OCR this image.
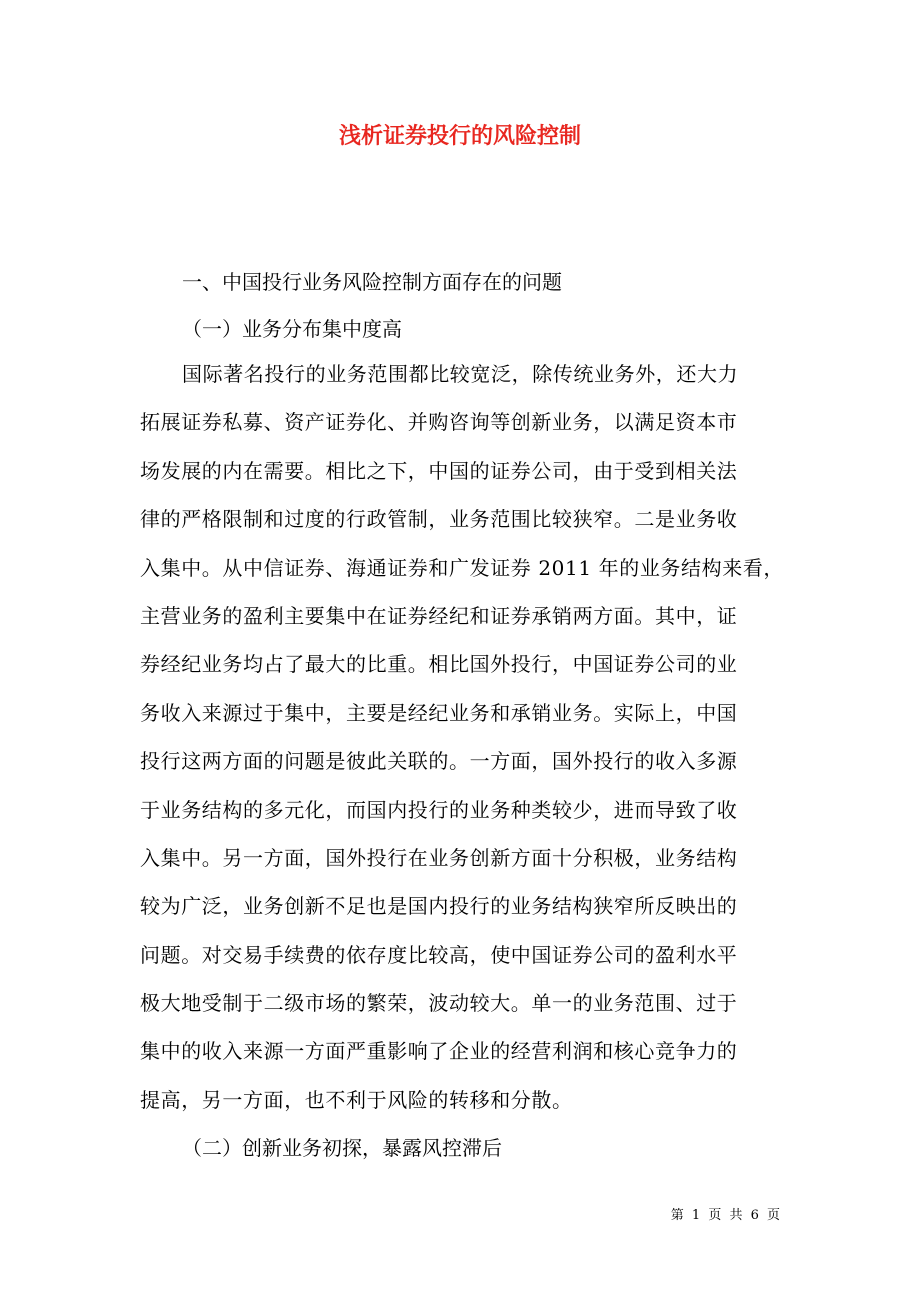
浅析证券投行的风险控制
一、中国投行业务风险控制方面存在的问题
（一）业务分布集中度高
国际著名投行的业务范围都比较宽泛，除传统业务外，还大力
拓展证券私募、资产证券化、并购咨询等创新业务，以满足资本市
场发展的内在需要。相比之下，中国的证券公司，由于受到相关法
律的严格限制和过度的行政管制，业务范围比较狭窄。二是业务收
入集中。从中信证券、海通证券和广发证券 2011 年的业务结构来看，
主营业务的盈利主要集中在证券经纪和证券承销两方面。其中，证
券经纪业务均占了最大的比重。相比国外投行，中国证券公司的业
务收入来源过于集中，主要是经纪业务和承销业务。实际上，中国
投行这两方面的问题是彼此关联的。一方面，国外投行的收入多源
于业务结构的多元化，而国内投行的业务种类较少，进而导致了收
入集中。另一方面，国外投行在业务创新方面十分积极，业务结构
较为广泛，业务创新不足也是国内投行的业务结构狭窄所反映出的
问题。对交易手续费的依存度比较高，使中国证券公司的盈利水平
极大地受制于二级市场的繁荣，波动较大。单一的业务范围、过于
集中的收入来源一方面严重影响了企业的经营利润和核心竞争力的
提高，另一方面，也不利于风险的转移和分散。
（二）创新业务初探，暴露风控滞后
第 1 页 共 6 页
